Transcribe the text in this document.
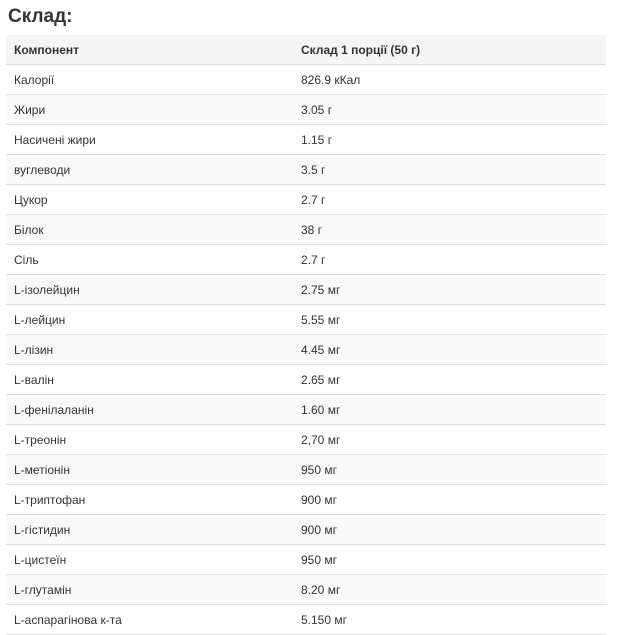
Склад:
Компонент	Склад 1 порції (50 г)
Калорії	826.9 кКал
Жири	3.05 г
Насичені жири	1.15 г
вуглеводи	3.5 г
Цукор	2.7 г
Білок	38 г
Сіль	2.7 г
L-ізолейцин	2.75 мг
L-лейцин	5.55 мг
L-лізин	4.45 мг
L-валін	2.65 мг
L-фенілаланін	1.60 мг
L-треонін	2,70 мг
L-метіонін	950 мг
L-триптофан	900 мг
L-гістидин	900 мг
L-цистеїн	950 мг
L-глутамін	8.20 мг
L-аспарагінова к-та	5.150 мг
